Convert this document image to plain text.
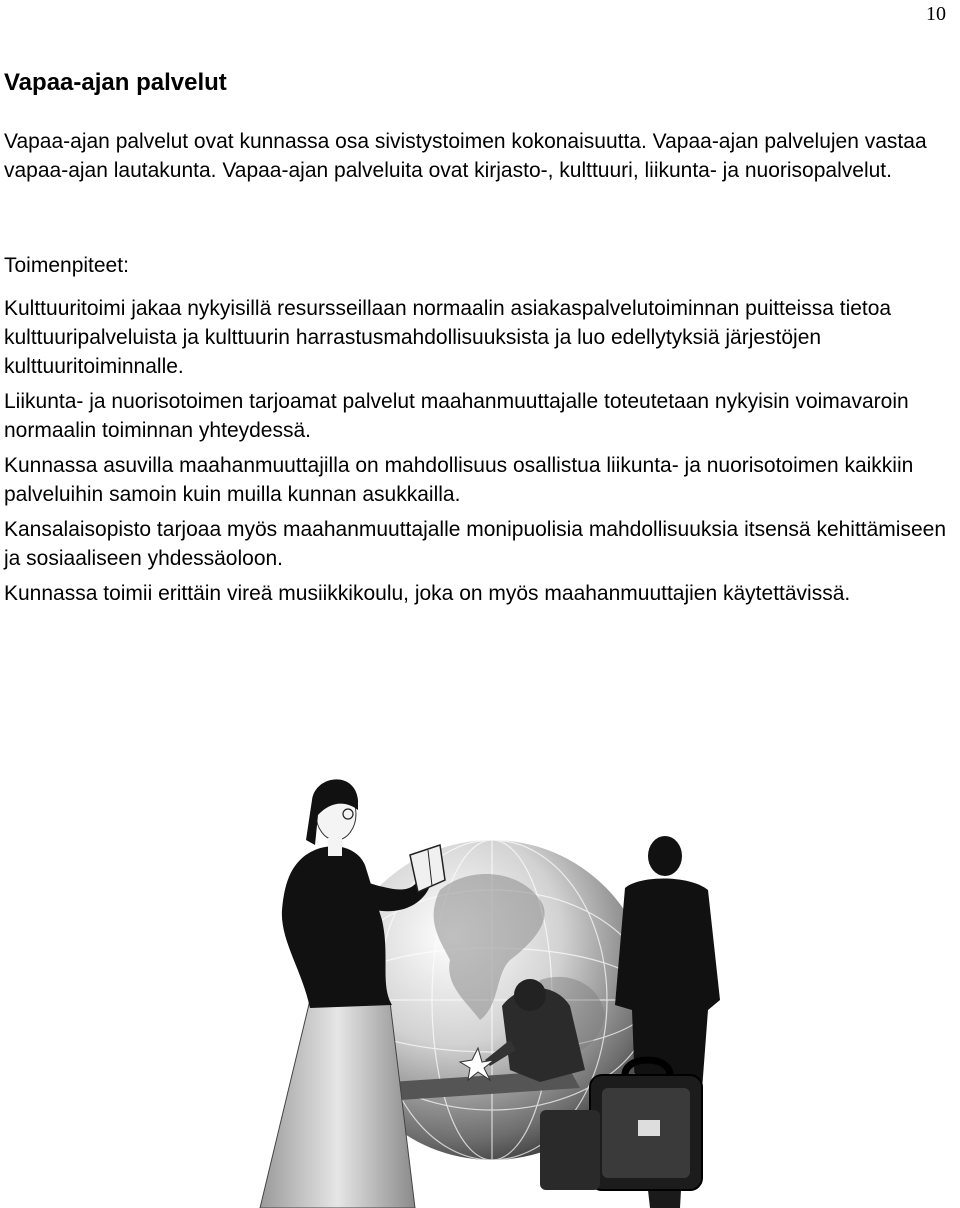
10
Vapaa-ajan palvelut

Vapaa-ajan palvelut ovat kunnassa osa sivistystoimen kokonaisuutta. Vapaa-ajan palvelujen vastaa vapaa-ajan lautakunta. Vapaa-ajan palveluita ovat kirjasto-, kulttuuri, liikunta- ja nuorisopalvelut.

Toimenpiteet:

Kulttuuritoimi jakaa nykyisillä resursseillaan normaalin asiakaspalvelutoiminnan puitteissa tietoa kulttuuripalveluista ja kulttuurin harrastusmahdollisuuksista ja luo edellytyksiä järjestöjen kulttuuritoiminnalle.

Liikunta- ja nuorisotoimen tarjoamat palvelut maahanmuuttajalle toteutetaan nykyisin voimavaroin normaalin toiminnan yhteydessä.

Kunnassa asuvilla maahanmuuttajilla on mahdollisuus osallistua liikunta- ja nuorisotoimen kaikkiin palveluihin samoin kuin muilla kunnan asukkailla.

Kansalaisopisto tarjoaa myös maahanmuuttajalle monipuolisia mahdollisuuksia itsensä kehittämiseen ja sosiaaliseen yhdessäoloon.

Kunnassa toimii erittäin vireä musiikkikoulu, joka on myös maahanmuuttajien käytettävissä.
